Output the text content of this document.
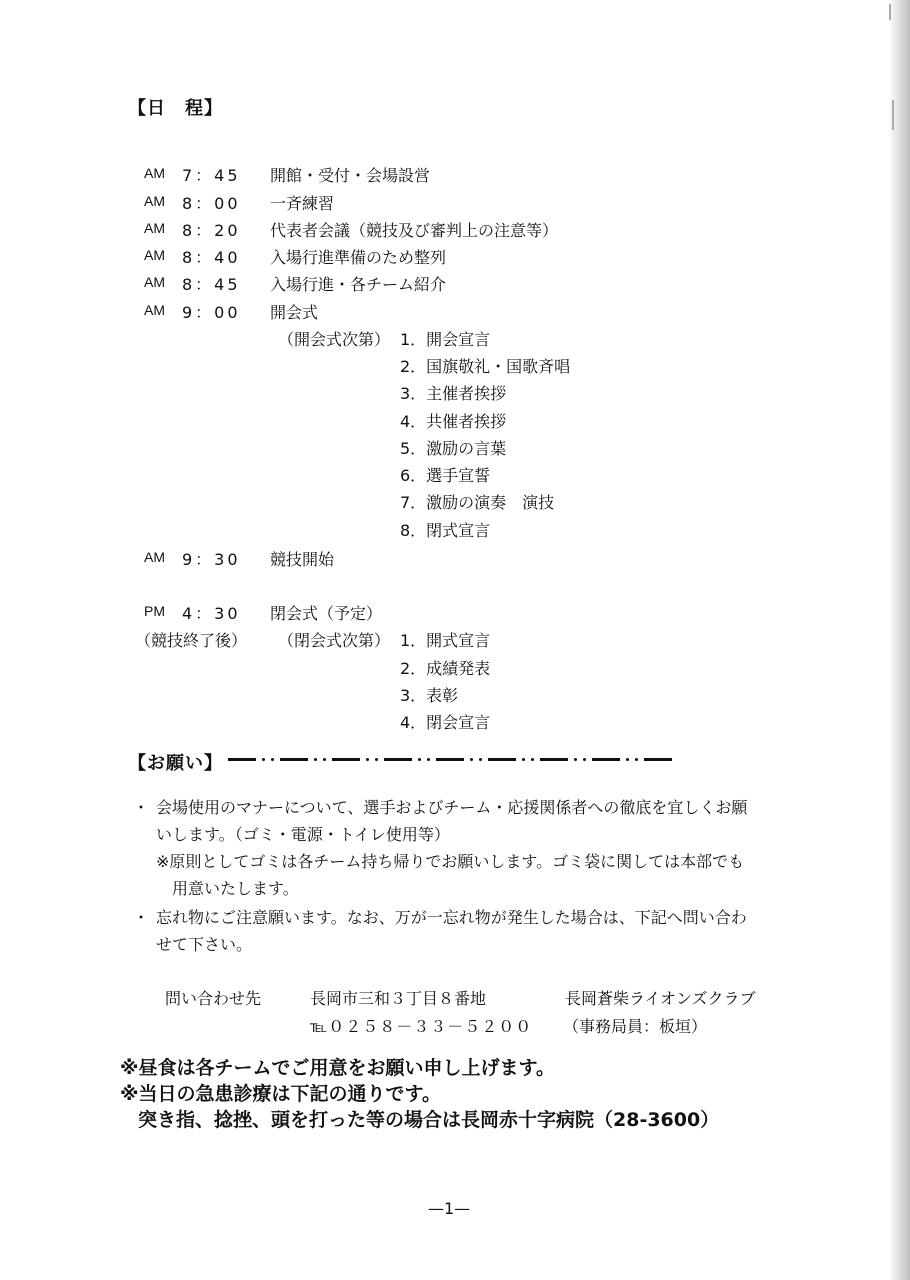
【日　程】
AM 7：45 開館・受付・会場設営
AM 8：00 一斉練習
AM 8：20 代表者会議（競技及び審判上の注意等）
AM 8：40 入場行進準備のため整列
AM 8：45 入場行進・各チーム紹介
AM 9：00 開会式
（開会式次第） 1．開会宣言
2．国旗敬礼・国歌斉唱
3．主催者挨拶
4．共催者挨拶
5．激励の言葉
6．選手宣誓
7．激励の演奏　演技
8．閉式宣言
AM 9：30 競技開始
PM 4：30 閉会式（予定）
（競技終了後） （閉会式次第） 1．開式宣言
2．成績発表
3．表彰
4．閉会宣言
【お願い】
・ 会場使用のマナーについて、選手およびチーム・応援関係者への徹底を宜しくお願
いします。（ゴミ・電源・トイレ使用等）
※原則としてゴミは各チーム持ち帰りでお願いします。ゴミ袋に関しては本部でも
用意いたします。
・ 忘れ物にご注意願います。なお、万が一忘れ物が発生した場合は、下記へ問い合わ
せて下さい。
問い合わせ先	長岡市三和３丁目８番地	長岡蒼柴ライオンズクラブ
℡０２５８－３３－５２００ （事務局員：板垣）
※昼食は各チームでご用意をお願い申し上げます。
※当日の急患診療は下記の通りです。
突き指、捻挫、頭を打った等の場合は長岡赤十字病院（28-3600）
—1—
